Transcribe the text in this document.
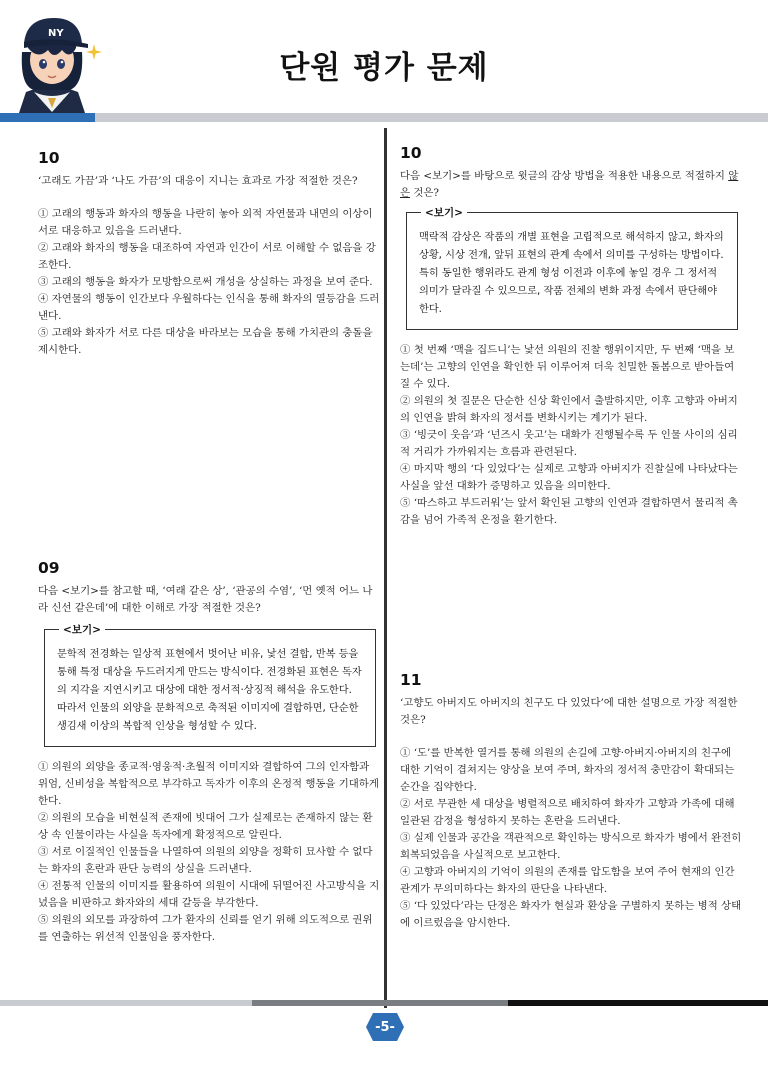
NY
단원 평가 문제
10

‘고래도 가끔’과 ‘나도 가끔’의 대응이 지니는 효과로 가장 적절한 것은?

① 고래의 행동과 화자의 행동을 나란히 놓아 외적 자연물과 내면의 이상이 서로 대응하고 있음을 드러낸다.

② 고래와 화자의 행동을 대조하여 자연과 인간이 서로 이해할 수 없음을 강조한다.

③ 고래의 행동을 화자가 모방함으로써 개성을 상실하는 과정을 보여 준다.

④ 자연물의 행동이 인간보다 우월하다는 인식을 통해 화자의 열등감을 드러낸다.

⑤ 고래와 화자가 서로 다른 대상을 바라보는 모습을 통해 가치관의 충돌을 제시한다.

09

다음 <보기>를 참고할 때, ‘여래 같은 상’, ‘관공의 수염’, ‘먼 옛적 어느 나라 신선 같은데’에 대한 이해로 가장 적절한 것은?

<보기>
문학적 전경화는 일상적 표현에서 벗어난 비유, 낯선 결합, 반복 등을 통해 특정 대상을 두드러지게 만드는 방식이다. 전경화된 표현은 독자의 지각을 지연시키고 대상에 대한 정서적·상징적 해석을 유도한다. 따라서 인물의 외양을 문화적으로 축적된 이미지에 결합하면, 단순한 생김새 이상의 복합적 인상을 형성할 수 있다.

① 의원의 외양을 종교적·영웅적·초월적 이미지와 결합하여 그의 인자함과 위엄, 신비성을 복합적으로 부각하고 독자가 이후의 온정적 행동을 기대하게 한다.

② 의원의 모습을 비현실적 존재에 빗대어 그가 실제로는 존재하지 않는 환상 속 인물이라는 사실을 독자에게 확정적으로 알린다.

③ 서로 이질적인 인물들을 나열하여 의원의 외양을 정확히 묘사할 수 없다는 화자의 혼란과 판단 능력의 상실을 드러낸다.

④ 전통적 인물의 이미지를 활용하여 의원이 시대에 뒤떨어진 사고방식을 지녔음을 비판하고 화자와의 세대 갈등을 부각한다.

⑤ 의원의 외모를 과장하여 그가 환자의 신뢰를 얻기 위해 의도적으로 권위를 연출하는 위선적 인물임을 풍자한다.

10

다음 <보기>를 바탕으로 윗글의 감상 방법을 적용한 내용으로 적절하지 않은 것은?

<보기>
맥락적 감상은 작품의 개별 표현을 고립적으로 해석하지 않고, 화자의 상황, 시상 전개, 앞뒤 표현의 관계 속에서 의미를 구성하는 방법이다. 특히 동일한 행위라도 관계 형성 이전과 이후에 놓일 경우 그 정서적 의미가 달라질 수 있으므로, 작품 전체의 변화 과정 속에서 판단해야 한다.

① 첫 번째 ‘맥을 집드니’는 낯선 의원의 진찰 행위이지만, 두 번째 ‘맥을 보는데’는 고향의 인연을 확인한 뒤 이루어져 더욱 친밀한 돌봄으로 받아들여질 수 있다.

② 의원의 첫 질문은 단순한 신상 확인에서 출발하지만, 이후 고향과 아버지의 인연을 밝혀 화자의 정서를 변화시키는 계기가 된다.

③ ‘빙긋이 웃음’과 ‘넌즈시 웃고’는 대화가 진행될수록 두 인물 사이의 심리적 거리가 가까워지는 흐름과 관련된다.

④ 마지막 행의 ‘다 있었다’는 실제로 고향과 아버지가 진찰실에 나타났다는 사실을 앞선 대화가 증명하고 있음을 의미한다.

⑤ ‘따스하고 부드러워’는 앞서 확인된 고향의 인연과 결합하면서 물리적 촉감을 넘어 가족적 온정을 환기한다.

11

‘고향도 아버지도 아버지의 친구도 다 있었다’에 대한 설명으로 가장 적절한 것은?

① ‘도’를 반복한 열거를 통해 의원의 손길에 고향·아버지·아버지의 친구에 대한 기억이 겹쳐지는 양상을 보여 주며, 화자의 정서적 충만감이 확대되는 순간을 집약한다.

② 서로 무관한 세 대상을 병렬적으로 배치하여 화자가 고향과 가족에 대해 일관된 감정을 형성하지 못하는 혼란을 드러낸다.

③ 실제 인물과 공간을 객관적으로 확인하는 방식으로 화자가 병에서 완전히 회복되었음을 사실적으로 보고한다.

④ 고향과 아버지의 기억이 의원의 존재를 압도함을 보여 주어 현재의 인간관계가 무의미하다는 화자의 판단을 나타낸다.

⑤ ‘다 있었다’라는 단정은 화자가 현실과 환상을 구별하지 못하는 병적 상태에 이르렀음을 암시한다.

-5-
